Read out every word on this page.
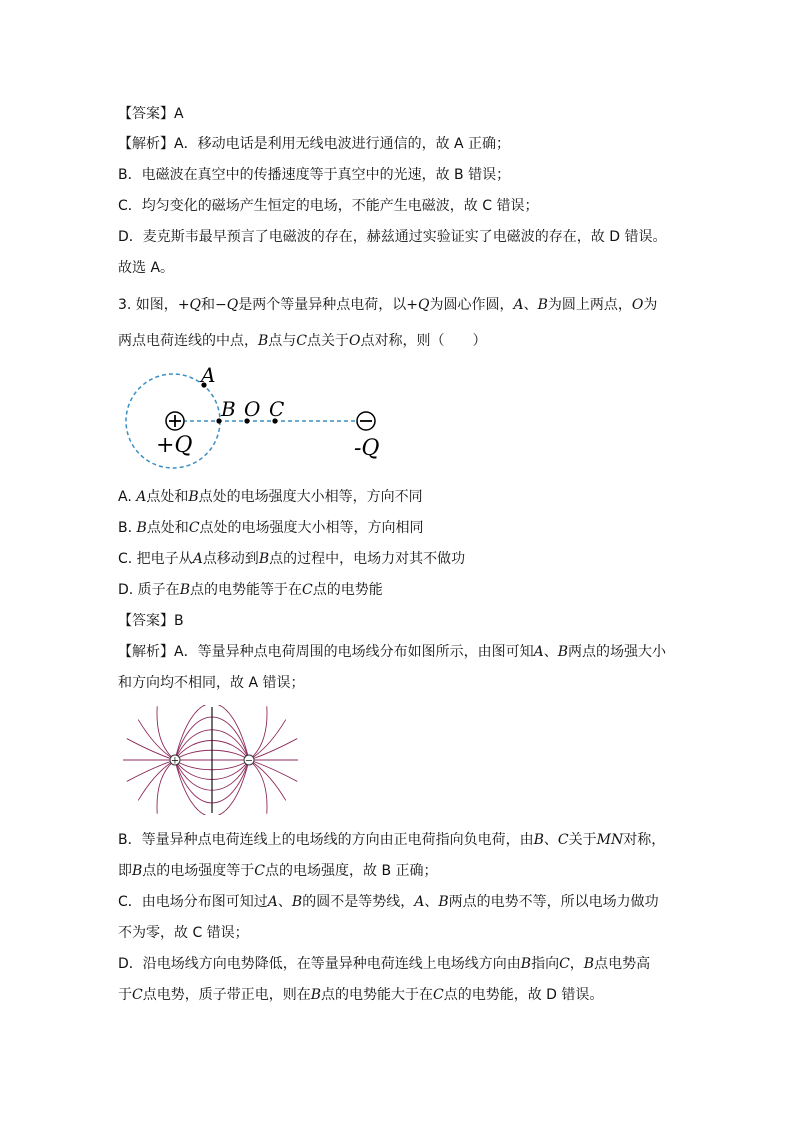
【答案】A
【解析】A．移动电话是利用无线电波进行通信的，故 A 正确；
B．电磁波在真空中的传播速度等于真空中的光速，故 B 错误；
C．均匀变化的磁场产生恒定的电场，不能产生电磁波，故 C 错误；
D．麦克斯韦最早预言了电磁波的存在，赫兹通过实验证实了电磁波的存在，故 D 错误。
故选 A。
3. 如图，+Q和−Q是两个等量异种点电荷，以+Q为圆心作圆，A、B为圆上两点，O为
两点电荷连线的中点，B点与C点关于O点对称，则（　　）
A
B O C
+Q	-Q
A. A点处和B点处的电场强度大小相等，方向不同
B. B点处和C点处的电场强度大小相等，方向相同
C. 把电子从A点移动到B点的过程中，电场力对其不做功
D. 质子在B点的电势能等于在C点的电势能
【答案】B
【解析】A．等量异种点电荷周围的电场线分布如图所示，由图可知A、B两点的场强大小
和方向均不相同，故 A 错误；
+	−
B．等量异种点电荷连线上的电场线的方向由正电荷指向负电荷，由B、C关于MN对称，
即B点的电场强度等于C点的电场强度，故 B 正确；
C．由电场分布图可知过A、B的圆不是等势线，A、B两点的电势不等，所以电场力做功
不为零，故 C 错误；
D．沿电场线方向电势降低，在等量异种电荷连线上电场线方向由B指向C，B点电势高
于C点电势，质子带正电，则在B点的电势能大于在C点的电势能，故 D 错误。
